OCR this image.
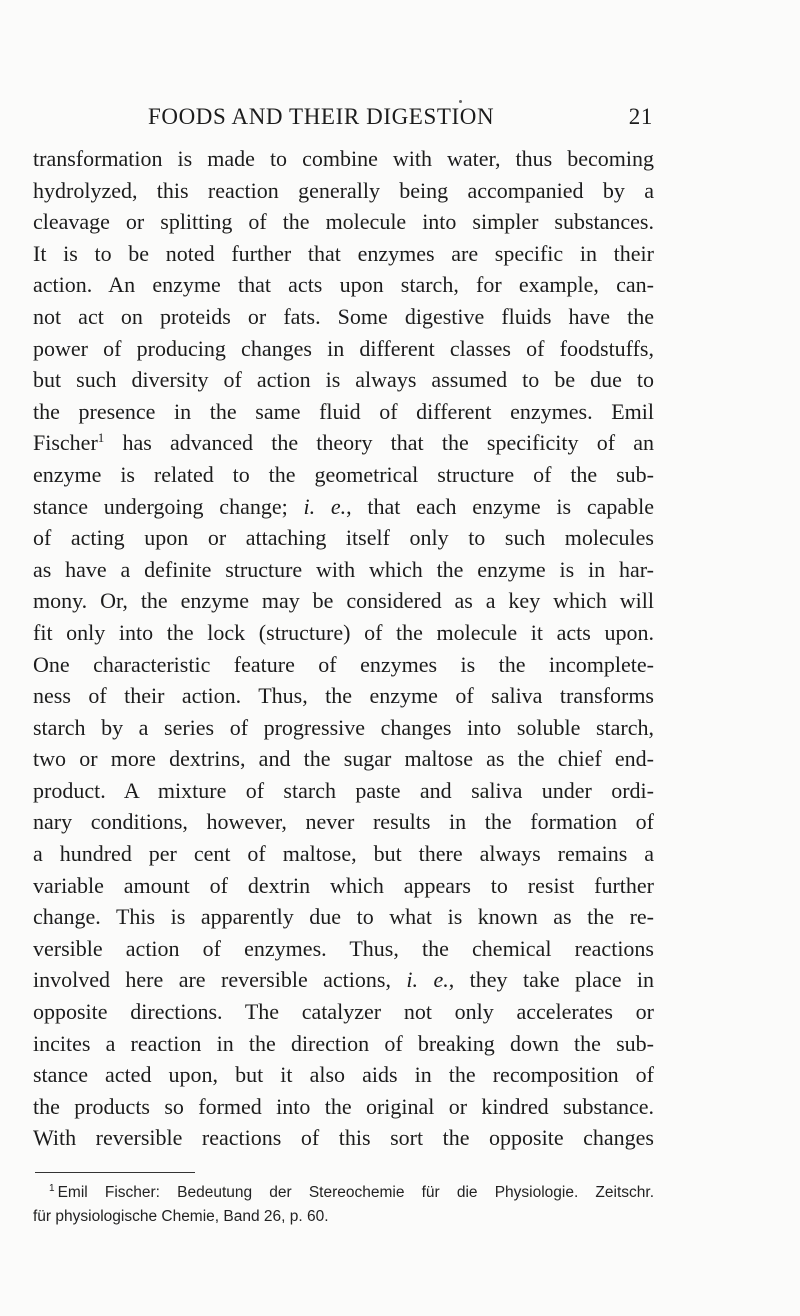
FOODS AND THEIR DIGESTION	21
transformation is made to combine with water, thus becoming
hydrolyzed, this reaction generally being accompanied by a
cleavage or splitting of the molecule into simpler substances.
It is to be noted further that enzymes are specific in their
action. An enzyme that acts upon starch, for example, can-
not act on proteids or fats. Some digestive fluids have the
power of producing changes in different classes of foodstuffs,
but such diversity of action is always assumed to be due to
the presence in the same fluid of different enzymes. Emil
Fischer$^1$ has advanced the theory that the specificity of an
enzyme is related to the geometrical structure of the sub-
stance undergoing change; i. e., that each enzyme is capable
of acting upon or attaching itself only to such molecules
as have a definite structure with which the enzyme is in har-
mony. Or, the enzyme may be considered as a key which will
fit only into the lock (structure) of the molecule it acts upon.
One characteristic feature of enzymes is the incomplete-
ness of their action. Thus, the enzyme of saliva transforms
starch by a series of progressive changes into soluble starch,
two or more dextrins, and the sugar maltose as the chief end-
product. A mixture of starch paste and saliva under ordi-
nary conditions, however, never results in the formation of
a hundred per cent of maltose, but there always remains a
variable amount of dextrin which appears to resist further
change. This is apparently due to what is known as the re-
versible action of enzymes. Thus, the chemical reactions
involved here are reversible actions, i. e., they take place in
opposite directions. The catalyzer not only accelerates or
incites a reaction in the direction of breaking down the sub-
stance acted upon, but it also aids in the recomposition of
the products so formed into the original or kindred substance.
With reversible reactions of this sort the opposite changes
$^1$ Emil Fischer: Bedeutung der Stereochemie für die Physiologie. Zeitschr.
für physiologische Chemie, Band 26, p. 60.
